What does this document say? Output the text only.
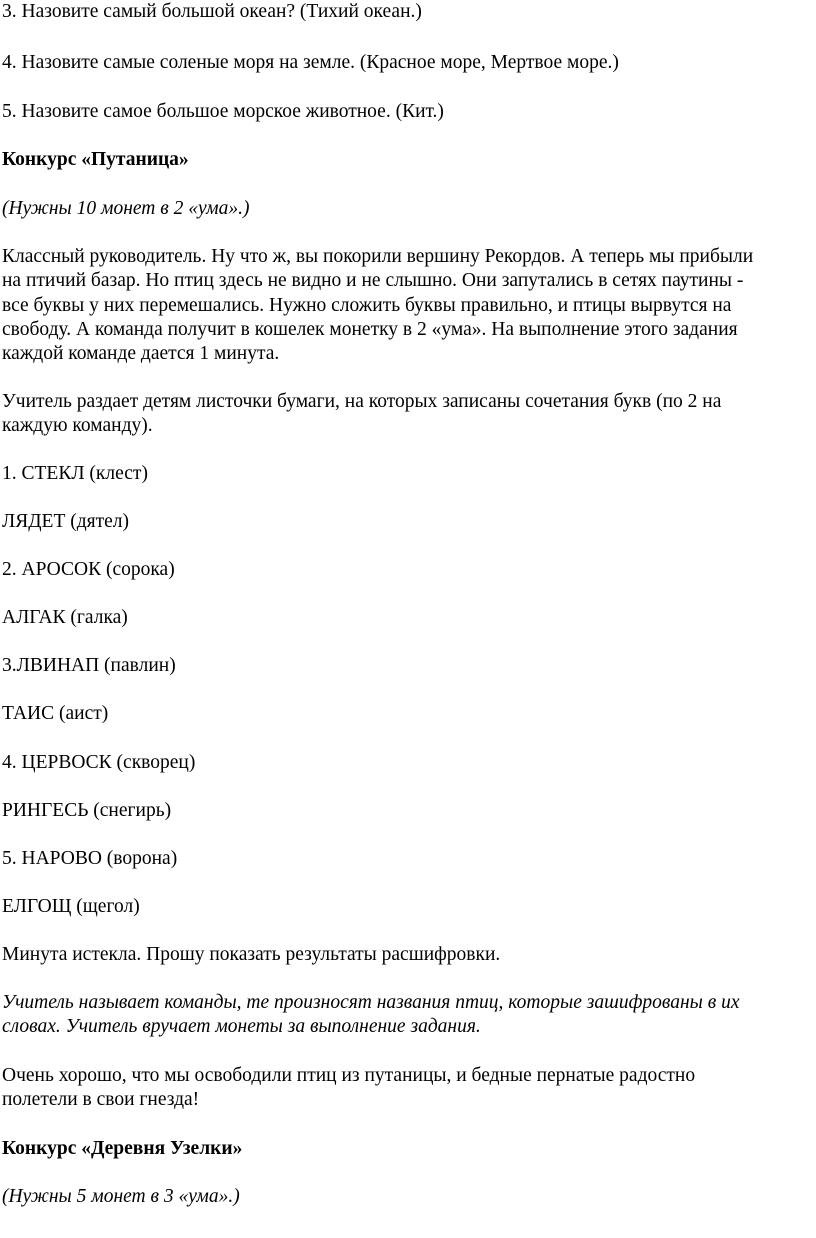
3. Назовите самый большой океан? (Тихий океан.)
4. Назовите самые соленые моря на земле. (Красное море, Мертвое море.)
5. Назовите самое большое морское животное. (Кит.)
Конкурс «Путаница»
(Нужны 10 монет в 2 «ума».)
Классный руководитель. Ну что ж, вы покорили вершину Рекордов. А теперь мы прибыли
на птичий базар. Но птиц здесь не видно и не слышно. Они запутались в сетях паутины -
все буквы у них перемешались. Нужно сложить буквы правильно, и птицы вырвутся на
свободу. А команда получит в кошелек монетку в 2 «ума». На выполнение этого задания
каждой команде дается 1 минута.
Учитель раздает детям листочки бумаги, на которых записаны сочетания букв (по 2 на
каждую команду).
1. СТЕКЛ (клест)
ЛЯДЕТ (дятел)
2. АРОСОК (сорока)
АЛГАК (галка)
3.ЛВИНАП (павлин)
ТАИС (аист)
4. ЦЕРВОСК (скворец)
РИНГЕСЬ (снегирь)
5. НАРОВО (ворона)
ЕЛГОЩ (щегол)
Минута истекла. Прошу показать результаты расшифровки.
Учитель называет команды, те произносят названия птиц, которые зашифрованы в их
словах. Учитель вручает монеты за выполнение задания.
Очень хорошо, что мы освободили птиц из путаницы, и бедные пернатые радостно
полетели в свои гнезда!
Конкурс «Деревня Узелки»
(Нужны 5 монет в 3 «ума».)
